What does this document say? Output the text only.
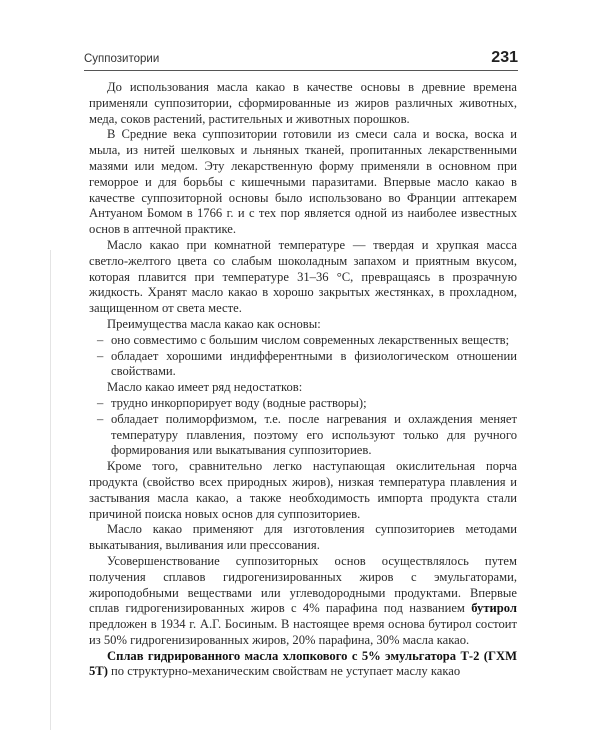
Суппозитории	231

До использования масла какао в качестве основы в древние времена применяли суппозитории, сформированные из жиров различных животных, меда, соков растений, растительных и животных порошков.

В Средние века суппозитории готовили из смеси сала и воска, воска и мыла, из нитей шелковых и льняных тканей, пропитанных лекарственными мазями или медом. Эту лекарственную форму применяли в основном при геморрое и для борьбы с кишечными паразитами. Впервые масло какао в качестве суппозиторной основы было использовано во Франции аптекарем Антуаном Бомом в 1766 г. и с тех пор является одной из наиболее известных основ в аптечной практике.

Масло какао при комнатной температуре — твердая и хрупкая масса светло-желтого цвета со слабым шоколадным запахом и приятным вкусом, которая плавится при температуре 31–36 °С, превращаясь в прозрачную жидкость. Хранят масло какао в хорошо закрытых жестянках, в прохладном, защищенном от света месте.

Преимущества масла какао как основы:

– оно совместимо с большим числом современных лекарственных веществ;

– обладает хорошими индифферентными в физиологическом отношении свойствами.

Масло какао имеет ряд недостатков:

– трудно инкорпорирует воду (водные растворы);

– обладает полиморфизмом, т.е. после нагревания и охлаждения меняет температуру плавления, поэтому его используют только для ручного формирования или выкатывания суппозиториев.

Кроме того, сравнительно легко наступающая окислительная порча продукта (свойство всех природных жиров), низкая температура плавления и застывания масла какао, а также необходимость импорта продукта стали причиной поиска новых основ для суппозиториев.

Масло какао применяют для изготовления суппозиториев методами выкатывания, выливания или прессования.

Усовершенствование суппозиторных основ осуществлялось путем получения сплавов гидрогенизированных жиров с эмульгаторами, жироподобными веществами или углеводородными продуктами. Впервые сплав гидрогенизированных жиров с 4% парафина под названием бутирол предложен в 1934 г. А.Г. Босиным. В настоящее время основа бутирол состоит из 50% гидрогенизированных жиров, 20% парафина, 30% масла какао.

Сплав гидрированного масла хлопкового с 5% эмульгатора Т-2 (ГХМ 5Т) по структурно-механическим свойствам не уступает маслу какао
